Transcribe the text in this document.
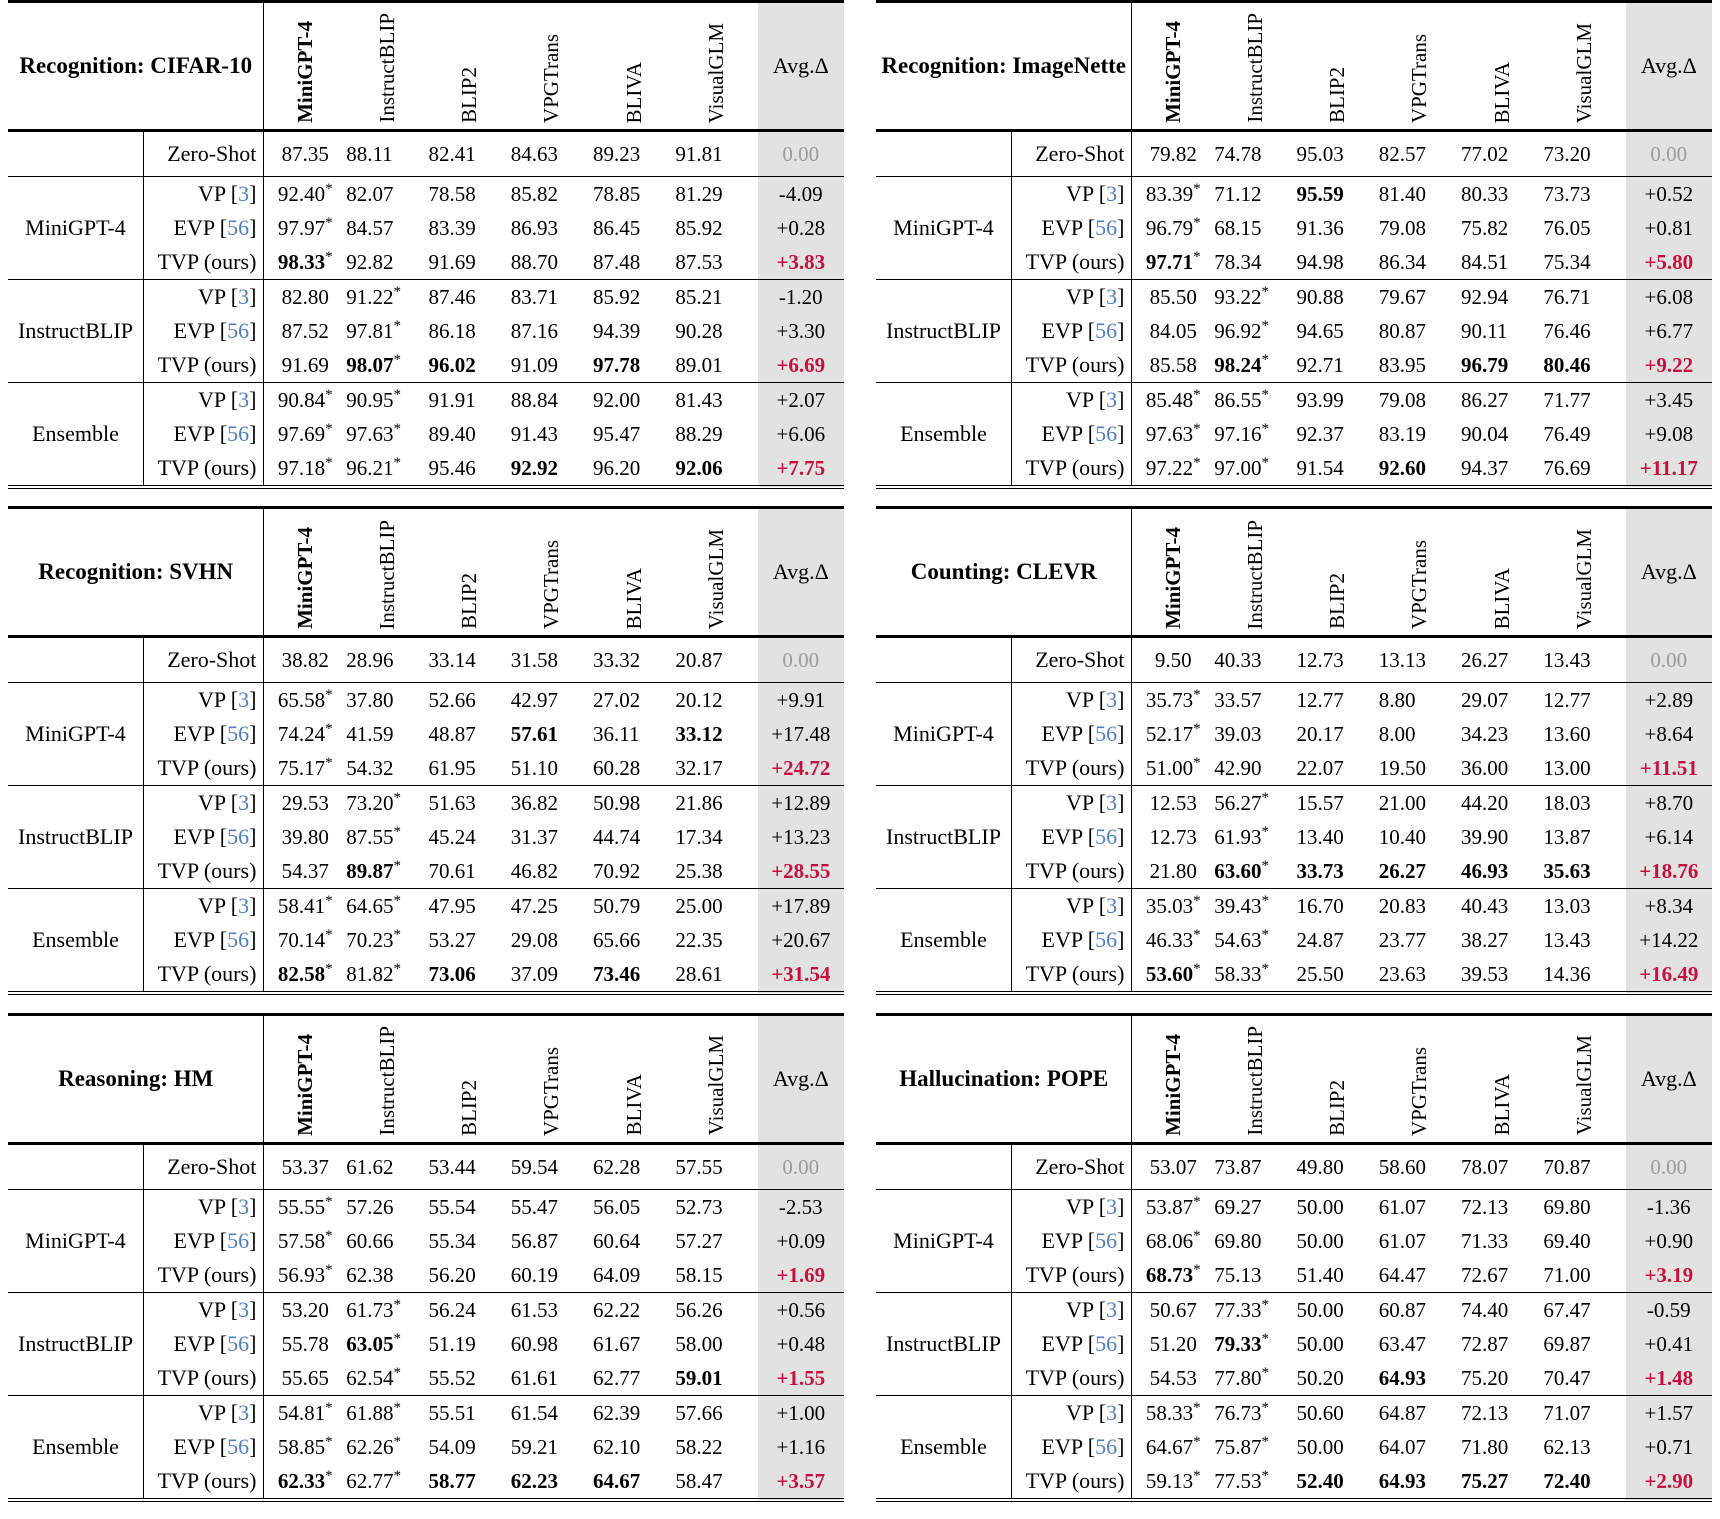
Recognition: CIFAR-10		MiniGPT-4	InstructBLIP	BLIP2	VPGTrans	BLIVA	VisualGLM	Avg.Δ
	Zero-Shot	87.35	88.11	82.41	84.63	89.23	91.81	0.00
MiniGPT-4	VP [3]	92.40*	82.07	78.58	85.82	78.85	81.29	-4.09
	EVP [56]	97.97*	84.57	83.39	86.93	86.45	85.92	+0.28
	TVP (ours)	98.33*	92.82	91.69	88.70	87.48	87.53	+3.83
InstructBLIP	VP [3]	82.80	91.22*	87.46	83.71	85.92	85.21	-1.20
	EVP [56]	87.52	97.81*	86.18	87.16	94.39	90.28	+3.30
	TVP (ours)	91.69	98.07*	96.02	91.09	97.78	89.01	+6.69
Ensemble	VP [3]	90.84*	90.95*	91.91	88.84	92.00	81.43	+2.07
	EVP [56]	97.69*	97.63*	89.40	91.43	95.47	88.29	+6.06
	TVP (ours)	97.18*	96.21*	95.46	92.92	96.20	92.06	+7.75

Recognition: SVHN		MiniGPT-4	InstructBLIP	BLIP2	VPGTrans	BLIVA	VisualGLM	Avg.Δ
	Zero-Shot	38.82	28.96	33.14	31.58	33.32	20.87	0.00
MiniGPT-4	VP [3]	65.58*	37.80	52.66	42.97	27.02	20.12	+9.91
	EVP [56]	74.24*	41.59	48.87	57.61	36.11	33.12	+17.48
	TVP (ours)	75.17*	54.32	61.95	51.10	60.28	32.17	+24.72
InstructBLIP	VP [3]	29.53	73.20*	51.63	36.82	50.98	21.86	+12.89
	EVP [56]	39.80	87.55*	45.24	31.37	44.74	17.34	+13.23
	TVP (ours)	54.37	89.87*	70.61	46.82	70.92	25.38	+28.55
Ensemble	VP [3]	58.41*	64.65*	47.95	47.25	50.79	25.00	+17.89
	EVP [56]	70.14*	70.23*	53.27	29.08	65.66	22.35	+20.67
	TVP (ours)	82.58*	81.82*	73.06	37.09	73.46	28.61	+31.54

Reasoning: HM		MiniGPT-4	InstructBLIP	BLIP2	VPGTrans	BLIVA	VisualGLM	Avg.Δ
	Zero-Shot	53.37	61.62	53.44	59.54	62.28	57.55	0.00
MiniGPT-4	VP [3]	55.55*	57.26	55.54	55.47	56.05	52.73	-2.53
	EVP [56]	57.58*	60.66	55.34	56.87	60.64	57.27	+0.09
	TVP (ours)	56.93*	62.38	56.20	60.19	64.09	58.15	+1.69
InstructBLIP	VP [3]	53.20	61.73*	56.24	61.53	62.22	56.26	+0.56
	EVP [56]	55.78	63.05*	51.19	60.98	61.67	58.00	+0.48
	TVP (ours)	55.65	62.54*	55.52	61.61	62.77	59.01	+1.55
Ensemble	VP [3]	54.81*	61.88*	55.51	61.54	62.39	57.66	+1.00
	EVP [56]	58.85*	62.26*	54.09	59.21	62.10	58.22	+1.16
	TVP (ours)	62.33*	62.77*	58.77	62.23	64.67	58.47	+3.57

Recognition: ImageNette		MiniGPT-4	InstructBLIP	BLIP2	VPGTrans	BLIVA	VisualGLM	Avg.Δ
	Zero-Shot	79.82	74.78	95.03	82.57	77.02	73.20	0.00
MiniGPT-4	VP [3]	83.39*	71.12	95.59	81.40	80.33	73.73	+0.52
	EVP [56]	96.79*	68.15	91.36	79.08	75.82	76.05	+0.81
	TVP (ours)	97.71*	78.34	94.98	86.34	84.51	75.34	+5.80
InstructBLIP	VP [3]	85.50	93.22*	90.88	79.67	92.94	76.71	+6.08
	EVP [56]	84.05	96.92*	94.65	80.87	90.11	76.46	+6.77
	TVP (ours)	85.58	98.24*	92.71	83.95	96.79	80.46	+9.22
Ensemble	VP [3]	85.48*	86.55*	93.99	79.08	86.27	71.77	+3.45
	EVP [56]	97.63*	97.16*	92.37	83.19	90.04	76.49	+9.08
	TVP (ours)	97.22*	97.00*	91.54	92.60	94.37	76.69	+11.17

Counting: CLEVR		MiniGPT-4	InstructBLIP	BLIP2	VPGTrans	BLIVA	VisualGLM	Avg.Δ
	Zero-Shot	9.50	40.33	12.73	13.13	26.27	13.43	0.00
MiniGPT-4	VP [3]	35.73*	33.57	12.77	8.80	29.07	12.77	+2.89
	EVP [56]	52.17*	39.03	20.17	8.00	34.23	13.60	+8.64
	TVP (ours)	51.00*	42.90	22.07	19.50	36.00	13.00	+11.51
InstructBLIP	VP [3]	12.53	56.27*	15.57	21.00	44.20	18.03	+8.70
	EVP [56]	12.73	61.93*	13.40	10.40	39.90	13.87	+6.14
	TVP (ours)	21.80	63.60*	33.73	26.27	46.93	35.63	+18.76
Ensemble	VP [3]	35.03*	39.43*	16.70	20.83	40.43	13.03	+8.34
	EVP [56]	46.33*	54.63*	24.87	23.77	38.27	13.43	+14.22
	TVP (ours)	53.60*	58.33*	25.50	23.63	39.53	14.36	+16.49

Hallucination: POPE		MiniGPT-4	InstructBLIP	BLIP2	VPGTrans	BLIVA	VisualGLM	Avg.Δ
	Zero-Shot	53.07	73.87	49.80	58.60	78.07	70.87	0.00
MiniGPT-4	VP [3]	53.87*	69.27	50.00	61.07	72.13	69.80	-1.36
	EVP [56]	68.06*	69.80	50.00	61.07	71.33	69.40	+0.90
	TVP (ours)	68.73*	75.13	51.40	64.47	72.67	71.00	+3.19
InstructBLIP	VP [3]	50.67	77.33*	50.00	60.87	74.40	67.47	-0.59
	EVP [56]	51.20	79.33*	50.00	63.47	72.87	69.87	+0.41
	TVP (ours)	54.53	77.80*	50.20	64.93	75.20	70.47	+1.48
Ensemble	VP [3]	58.33*	76.73*	50.60	64.87	72.13	71.07	+1.57
	EVP [56]	64.67*	75.87*	50.00	64.07	71.80	62.13	+0.71
	TVP (ours)	59.13*	77.53*	52.40	64.93	75.27	72.40	+2.90
